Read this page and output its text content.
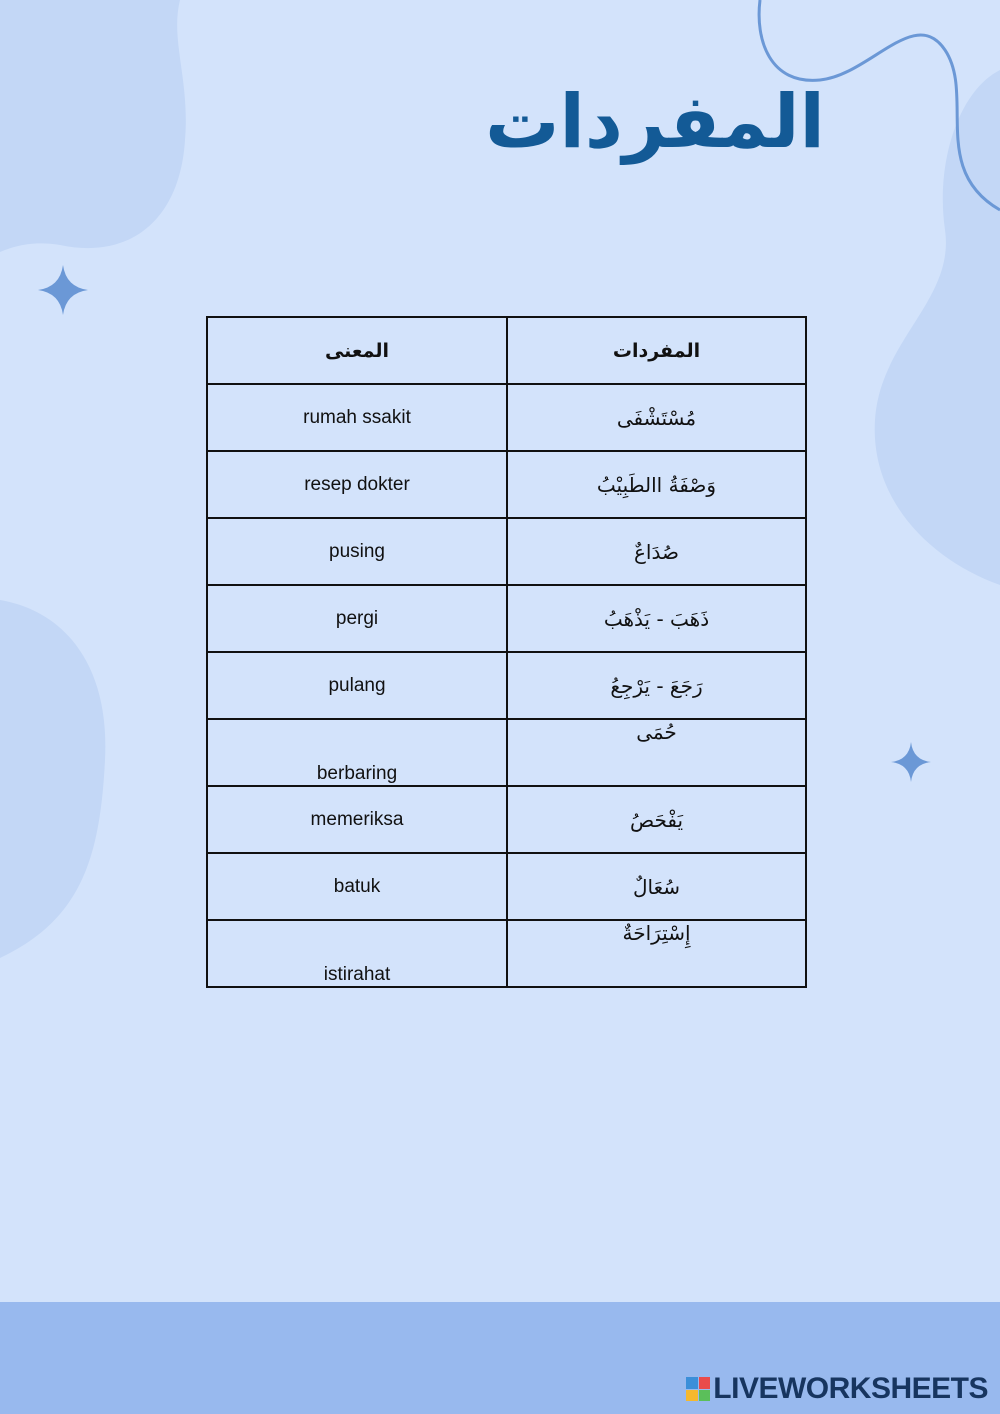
المفردات
المعنى	المفردات
rumah ssakit	مُسْتَشْفَى
resep dokter	وَصْفَةُ االطَبِيْبُ
pusing	صُدَاعٌ
pergi	ذَهَبَ - يَذْهَبُ
pulang	رَجَعَ - يَرْجِعُ
berbaring	حُمَى
memeriksa	يَفْحَصُ
batuk	سُعَالٌ
istirahat	إِسْتِرَاحَةٌ
LIVEWORKSHEETS
